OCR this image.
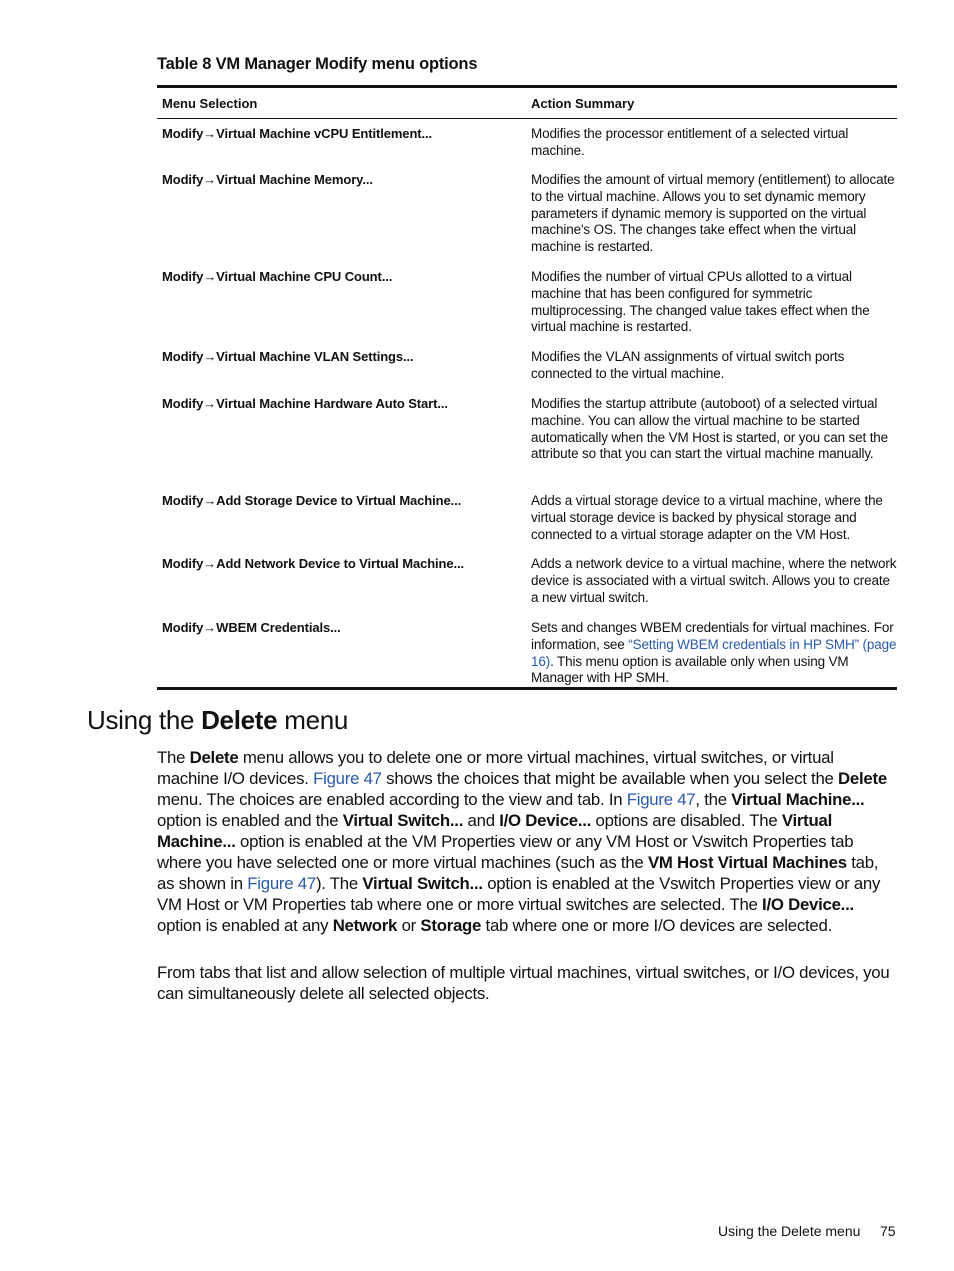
Table 8 VM Manager Modify menu options
Menu Selection	Action Summary
Modify→Virtual Machine vCPU Entitlement...	Modifies the processor entitlement of a selected virtual machine.
Modify→Virtual Machine Memory...	Modifies the amount of virtual memory (entitlement) to allocate to the virtual machine. Allows you to set dynamic memory parameters if dynamic memory is supported on the virtual machine's OS. The changes take effect when the virtual machine is restarted.
Modify→Virtual Machine CPU Count...	Modifies the number of virtual CPUs allotted to a virtual machine that has been configured for symmetric multiprocessing. The changed value takes effect when the virtual machine is restarted.
Modify→Virtual Machine VLAN Settings...	Modifies the VLAN assignments of virtual switch ports connected to the virtual machine.
Modify→Virtual Machine Hardware Auto Start...	Modifies the startup attribute (autoboot) of a selected virtual machine. You can allow the virtual machine to be started automatically when the VM Host is started, or you can set the attribute so that you can start the virtual machine manually.
Modify→Add Storage Device to Virtual Machine...	Adds a virtual storage device to a virtual machine, where the virtual storage device is backed by physical storage and connected to a virtual storage adapter on the VM Host.
Modify→Add Network Device to Virtual Machine...	Adds a network device to a virtual machine, where the network device is associated with a virtual switch. Allows you to create a new virtual switch.
Modify→WBEM Credentials...	Sets and changes WBEM credentials for virtual machines. For information, see “Setting WBEM credentials in HP SMH” (page 16). This menu option is available only when using VM Manager with HP SMH.
Using the Delete menu
The Delete menu allows you to delete one or more virtual machines, virtual switches, or virtual machine I/O devices. Figure 47 shows the choices that might be available when you select the Delete menu. The choices are enabled according to the view and tab. In Figure 47, the Virtual Machine... option is enabled and the Virtual Switch... and I/O Device... options are disabled. The Virtual Machine... option is enabled at the VM Properties view or any VM Host or Vswitch Properties tab where you have selected one or more virtual machines (such as the VM Host Virtual Machines tab, as shown in Figure 47). The Virtual Switch... option is enabled at the Vswitch Properties view or any VM Host or VM Properties tab where one or more virtual switches are selected. The I/O Device... option is enabled at any Network or Storage tab where one or more I/O devices are selected.
From tabs that list and allow selection of multiple virtual machines, virtual switches, or I/O devices, you can simultaneously delete all selected objects.
Using the Delete menu 75
